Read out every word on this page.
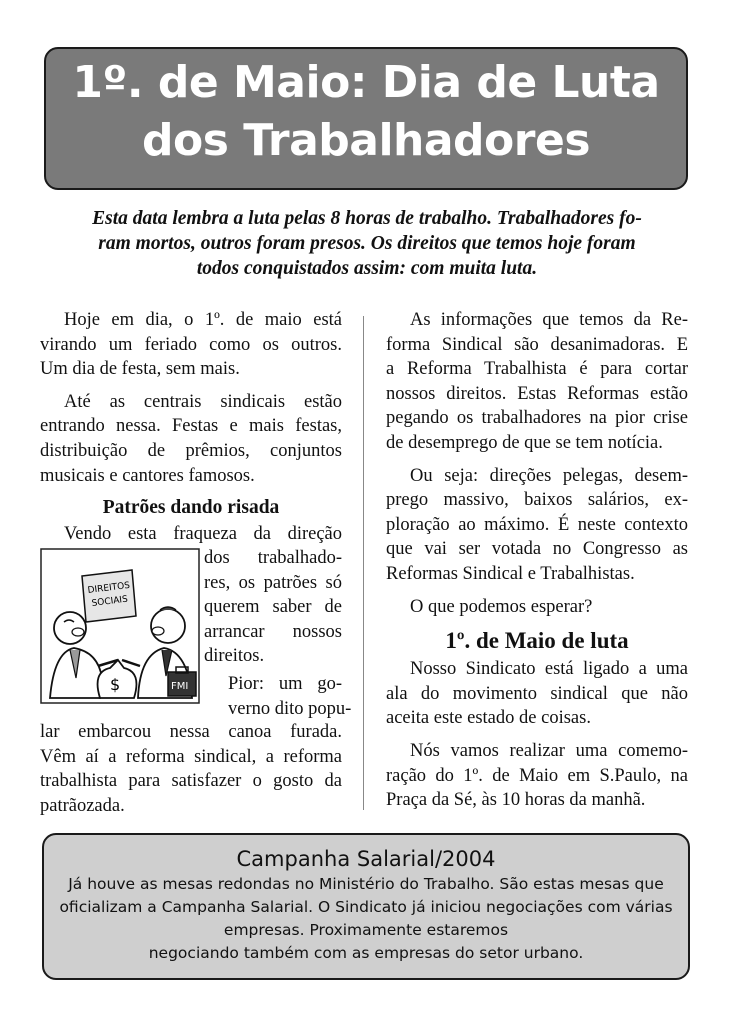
1º. de Maio: Dia de Luta
dos Trabalhadores
Esta data lembra a luta pelas 8 horas de trabalho. Trabalhadores fo-
ram mortos, outros foram presos. Os direitos que temos hoje foram
todos conquistados assim: com muita luta.
Hoje em dia, o 1º. de maio está
virando um feriado como os outros.
Um dia de festa, sem mais.
Até as centrais sindicais estão
entrando nessa. Festas e mais festas,
distribuição de prêmios, conjuntos
musicais e cantores famosos.
Patrões dando risada
Vendo esta fraqueza da direção
DIREITOS
SOCIAIS
$	FMI
dos trabalhado-
res, os patrões só
querem saber de
arrancar nossos
direitos.
Pior: um go-
verno dito popu-
lar embarcou nessa canoa furada.
Vêm aí a reforma sindical, a reforma
trabalhista para satisfazer o gosto da
patrãozada.
As informações que temos da Re-
forma Sindical são desanimadoras. E
a Reforma Trabalhista é para cortar
nossos direitos. Estas Reformas estão
pegando os trabalhadores na pior crise
de desemprego de que se tem notícia.
Ou seja: direções pelegas, desem-
prego massivo, baixos salários, ex-
ploração ao máximo. É neste contexto
que vai ser votada no Congresso as
Reformas Sindical e Trabalhistas.
O que podemos esperar?
1º. de Maio de luta
Nosso Sindicato está ligado a uma
ala do movimento sindical que não
aceita este estado de coisas.
Nós vamos realizar uma comemo-
ração do 1º. de Maio em S.Paulo, na
Praça da Sé, às 10 horas da manhã.
Campanha Salarial/2004
Já houve as mesas redondas no Ministério do Trabalho. São estas mesas que
oficializam a Campanha Salarial. O Sindicato já iniciou negociações com várias
empresas. Proximamente estaremos
negociando também com as empresas do setor urbano.
